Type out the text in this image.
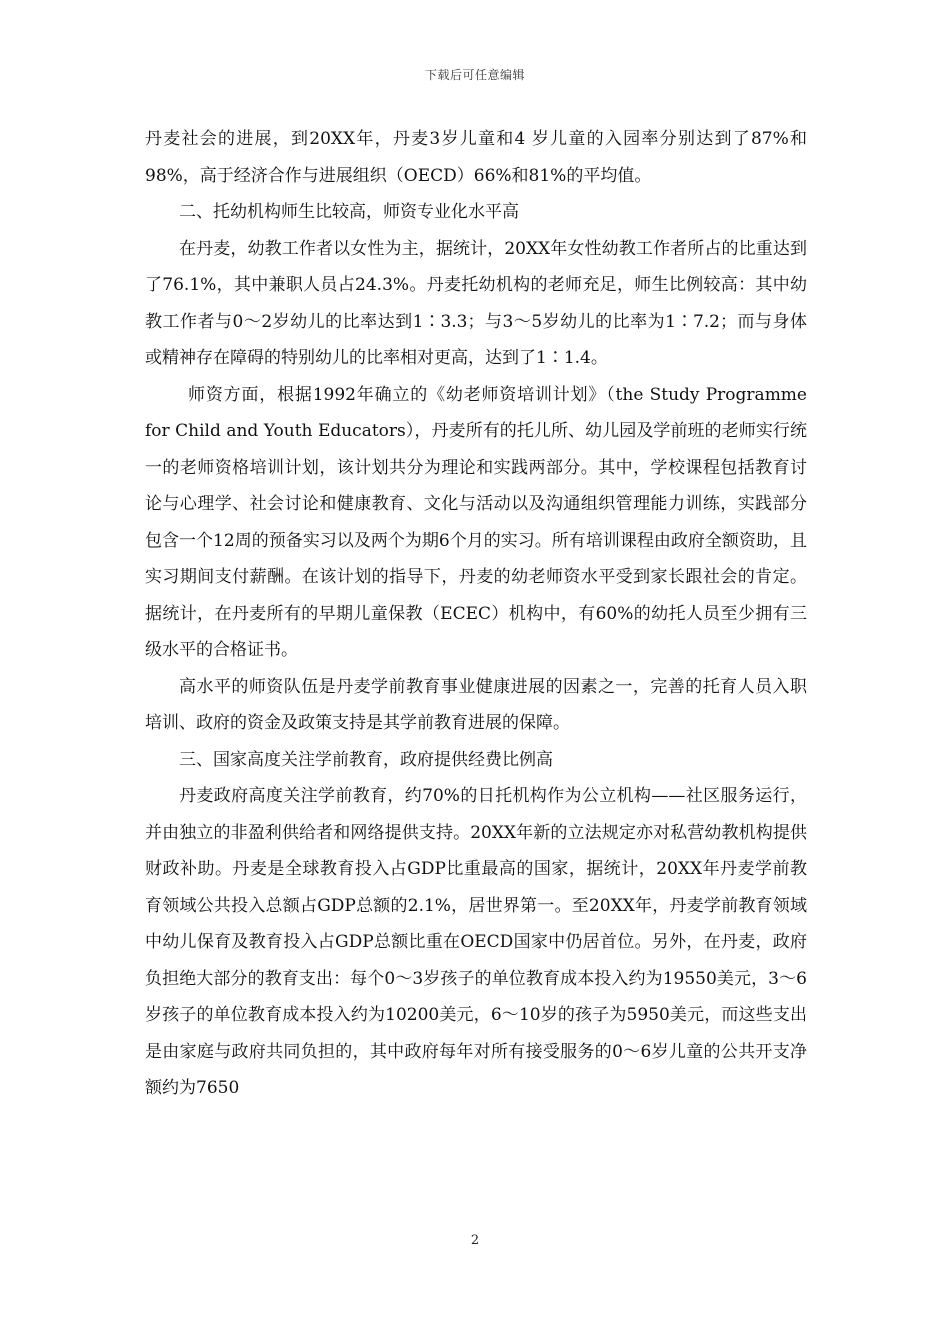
下载后可任意编辑

丹麦社会的进展，到20XX年，丹麦3岁儿童和4 岁儿童的入园率分别达到了87%和98%，高于经济合作与进展组织（OECD）66%和81%的平均值。

二、托幼机构师生比较高，师资专业化水平高

在丹麦，幼教工作者以女性为主，据统计，20XX年女性幼教工作者所占的比重达到了76.1%，其中兼职人员占24.3%。丹麦托幼机构的老师充足，师生比例较高：其中幼教工作者与0～2岁幼儿的比率达到1∶3.3；与3～5岁幼儿的比率为1∶7.2；而与身体或精神存在障碍的特别幼儿的比率相对更高，达到了1∶1.4。

师资方面，根据1992年确立的《幼老师资培训计划》（the Study Programme for Child and Youth Educators），丹麦所有的托儿所、幼儿园及学前班的老师实行统一的老师资格培训计划，该计划共分为理论和实践两部分。其中，学校课程包括教育讨论与心理学、社会讨论和健康教育、文化与活动以及沟通组织管理能力训练，实践部分包含一个12周的预备实习以及两个为期6个月的实习。所有培训课程由政府全额资助，且实习期间支付薪酬。在该计划的指导下，丹麦的幼老师资水平受到家长跟社会的肯定。据统计，在丹麦所有的早期儿童保教（ECEC）机构中，有60%的幼托人员至少拥有三级水平的合格证书。

高水平的师资队伍是丹麦学前教育事业健康进展的因素之一，完善的托育人员入职培训、政府的资金及政策支持是其学前教育进展的保障。

三、国家高度关注学前教育，政府提供经费比例高

丹麦政府高度关注学前教育，约70%的日托机构作为公立机构——社区服务运行，并由独立的非盈利供给者和网络提供支持。20XX年新的立法规定亦对私营幼教机构提供财政补助。丹麦是全球教育投入占GDP比重最高的国家，据统计，20XX年丹麦学前教育领域公共投入总额占GDP总额的2.1%，居世界第一。至20XX年，丹麦学前教育领域中幼儿保育及教育投入占GDP总额比重在OECD国家中仍居首位。另外，在丹麦，政府负担绝大部分的教育支出：每个0～3岁孩子的单位教育成本投入约为19550美元，3～6岁孩子的单位教育成本投入约为10200美元，6～10岁的孩子为5950美元，而这些支出是由家庭与政府共同负担的，其中政府每年对所有接受服务的0～6岁儿童的公共开支净额约为7650

2
